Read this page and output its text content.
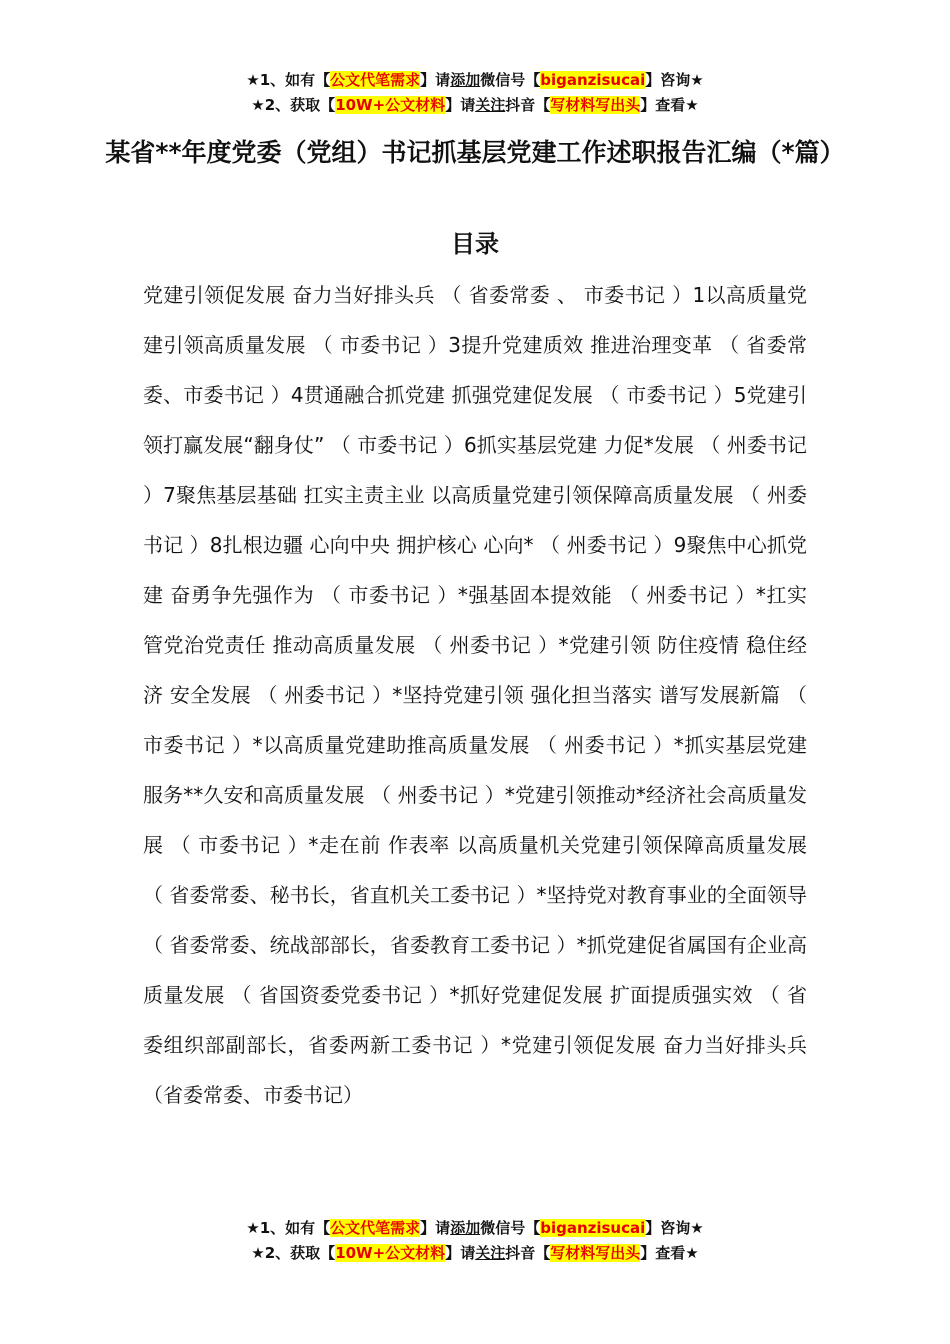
★1、如有【公文代笔需求】请添加微信号【biganzisucai】咨询★
★2、获取【10W+公文材料】请关注抖音【写材料写出头】查看★
某省**年度党委（党组）书记抓基层党建工作述职报告汇编（*篇）
目录
党建引领促发展 奋力当好排头兵 （ 省委常委 、 市委书记 ）1以高质量党建引领高质量发展 （ 市委书记 ）3提升党建质效 推进治理变革 （ 省委常委、市委书记 ）4贯通融合抓党建 抓强党建促发展 （ 市委书记 ）5党建引领打赢发展“翻身仗” （ 市委书记 ）6抓实基层党建 力促*发展 （ 州委书记 ）7聚焦基层基础 扛实主责主业 以高质量党建引领保障高质量发展 （ 州委书记 ）8扎根边疆 心向中央 拥护核心 心向* （ 州委书记 ）9聚焦中心抓党建 奋勇争先强作为 （ 市委书记 ）*强基固本提效能 （ 州委书记 ）*扛实管党治党责任 推动高质量发展 （ 州委书记 ）*党建引领 防住疫情 稳住经济 安全发展 （ 州委书记 ）*坚持党建引领 强化担当落实 谱写发展新篇 （ 市委书记 ）*以高质量党建助推高质量发展 （ 州委书记 ）*抓实基层党建 服务**久安和高质量发展 （ 州委书记 ）*党建引领推动*经济社会高质量发展 （ 市委书记 ）*走在前 作表率 以高质量机关党建引领保障高质量发展 （ 省委常委、秘书长，省直机关工委书记 ）*坚持党对教育事业的全面领导 （ 省委常委、统战部部长，省委教育工委书记 ）*抓党建促省属国有企业高质量发展 （ 省国资委党委书记 ）*抓好党建促发展 扩面提质强实效 （ 省委组织部副部长，省委两新工委书记 ）*党建引领促发展 奋力当好排头兵（省委常委、市委书记）
★1、如有【公文代笔需求】请添加微信号【biganzisucai】咨询★
★2、获取【10W+公文材料】请关注抖音【写材料写出头】查看★
